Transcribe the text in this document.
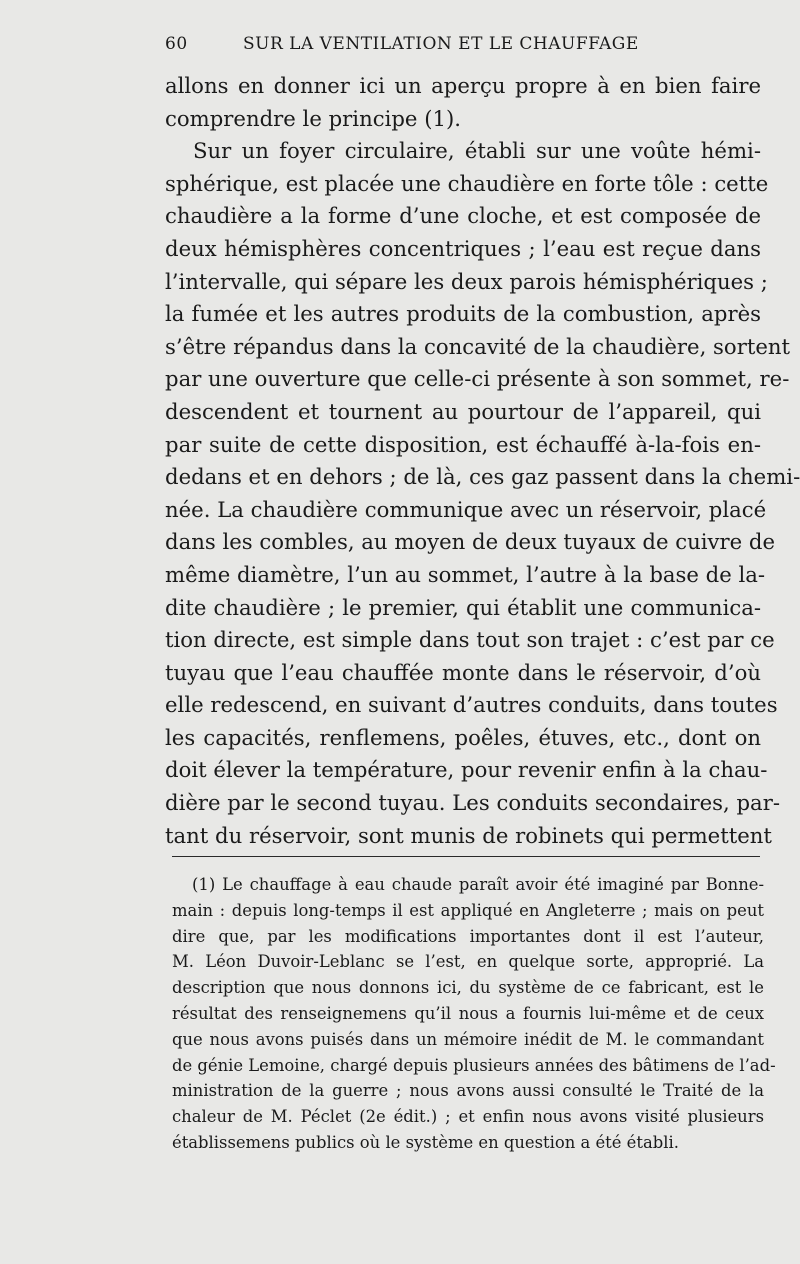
60	SUR LA VENTILATION ET LE CHAUFFAGE
allons en donner ici un aperçu propre à en bien faire
comprendre le principe (1).
Sur un foyer circulaire, établi sur une voûte hémi-
sphérique, est placée une chaudière en forte tôle : cette
chaudière a la forme d’une cloche, et est composée de
deux hémisphères concentriques ; l’eau est reçue dans
l’intervalle, qui sépare les deux parois hémisphériques ;
la fumée et les autres produits de la combustion, après
s’être répandus dans la concavité de la chaudière, sortent
par une ouverture que celle-ci présente à son sommet, re-
descendent et tournent au pourtour de l’appareil, qui
par suite de cette disposition, est échauffé à-la-fois en-
dedans et en dehors ; de là, ces gaz passent dans la chemi-
née. La chaudière communique avec un réservoir, placé
dans les combles, au moyen de deux tuyaux de cuivre de
même diamètre, l’un au sommet, l’autre à la base de la-
dite chaudière ; le premier, qui établit une communica-
tion directe, est simple dans tout son trajet : c’est par ce
tuyau que l’eau chauffée monte dans le réservoir, d’où
elle redescend, en suivant d’autres conduits, dans toutes
les capacités, renflemens, poêles, étuves, etc., dont on
doit élever la température, pour revenir enfin à la chau-
dière par le second tuyau. Les conduits secondaires, par-
tant du réservoir, sont munis de robinets qui permettent
(1) Le chauffage à eau chaude paraît avoir été imaginé par Bonne-
main : depuis long-temps il est appliqué en Angleterre ; mais on peut
dire que, par les modifications importantes dont il est l’auteur,
M. Léon Duvoir-Leblanc se l’est, en quelque sorte, approprié. La
description que nous donnons ici, du système de ce fabricant, est le
résultat des renseignemens qu’il nous a fournis lui-même et de ceux
que nous avons puisés dans un mémoire inédit de M. le commandant
de génie Lemoine, chargé depuis plusieurs années des bâtimens de l’ad-
ministration de la guerre ; nous avons aussi consulté le Traité de la
chaleur de M. Péclet (2e édit.) ; et enfin nous avons visité plusieurs
établissemens publics où le système en question a été établi.
